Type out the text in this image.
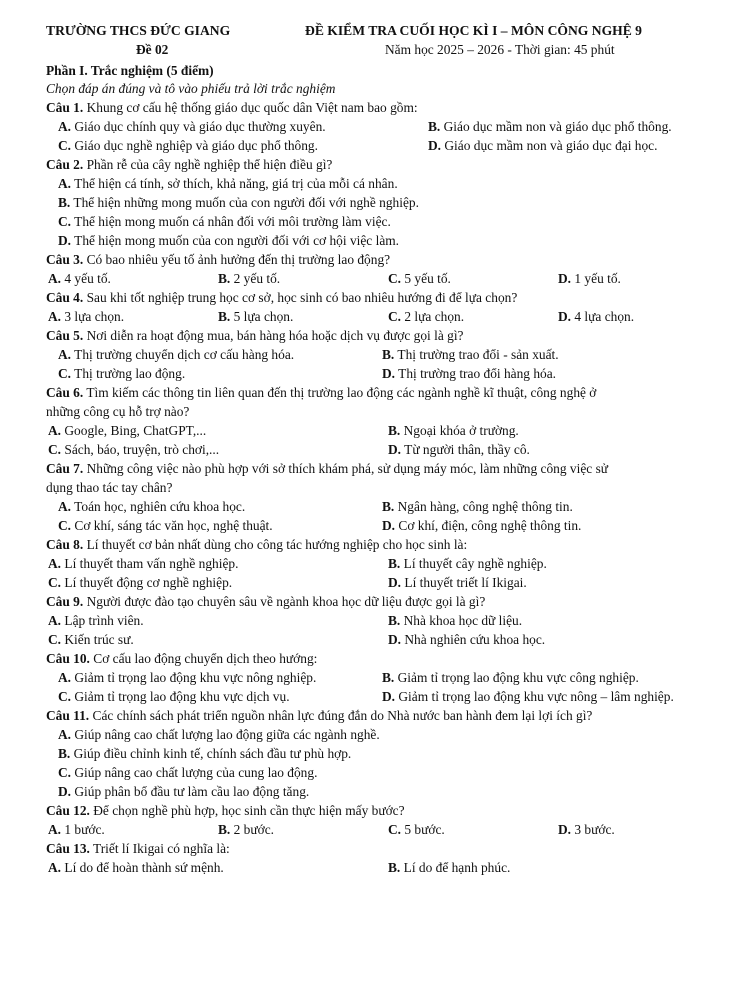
TRƯỜNG THCS ĐỨC GIANG	ĐỀ KIỂM TRA CUỐI HỌC KÌ I – MÔN CÔNG NGHỆ 9
Đề 02	Năm học 2025 – 2026 - Thời gian: 45 phút
Phần I. Trắc nghiệm (5 điểm)
Chọn đáp án đúng và tô vào phiếu trả lời trắc nghiệm
Câu 1. Khung cơ cấu hệ thống giáo dục quốc dân Việt nam bao gồm:
A. Giáo dục chính quy và giáo dục thường xuyên.	B. Giáo dục mầm non và giáo dục phổ thông.
C. Giáo dục nghề nghiệp và giáo dục phổ thông.	D. Giáo dục mầm non và giáo dục đại học.
Câu 2. Phần rễ của cây nghề nghiệp thể hiện điều gì?
A. Thể hiện cá tính, sở thích, khả năng, giá trị của mỗi cá nhân.
B. Thể hiện những mong muốn của con người đối với nghề nghiệp.
C. Thể hiện mong muốn cá nhân đối với môi trường làm việc.
D. Thể hiện mong muốn của con người đối với cơ hội việc làm.
Câu 3. Có bao nhiêu yếu tố ảnh hưởng đến thị trường lao động?
A. 4 yếu tố.	B. 2 yếu tố.	C. 5 yếu tố.	D. 1 yếu tố.
Câu 4. Sau khi tốt nghiệp trung học cơ sở, học sinh có bao nhiêu hướng đi để lựa chọn?
A. 3 lựa chọn.	B. 5 lựa chọn.	C. 2 lựa chọn.	D. 4 lựa chọn.
Câu 5. Nơi diễn ra hoạt động mua, bán hàng hóa hoặc dịch vụ được gọi là gì?
A. Thị trường chuyển dịch cơ cấu hàng hóa.	B. Thị trường trao đổi - sản xuất.
C. Thị trường lao động.	D. Thị trường trao đổi hàng hóa.
Câu 6. Tìm kiếm các thông tin liên quan đến thị trường lao động các ngành nghề kĩ thuật, công nghệ ở
những công cụ hỗ trợ nào?
A. Google, Bing, ChatGPT,...	B. Ngoại khóa ở trường.
C. Sách, báo, truyện, trò chơi,...	D. Từ người thân, thầy cô.
Câu 7. Những công việc nào phù hợp với sở thích khám phá, sử dụng máy móc, làm những công việc sử
dụng thao tác tay chân?
A. Toán học, nghiên cứu khoa học.	B. Ngân hàng, công nghệ thông tin.
C. Cơ khí, sáng tác văn học, nghệ thuật.	D. Cơ khí, điện, công nghệ thông tin.
Câu 8. Lí thuyết cơ bản nhất dùng cho công tác hướng nghiệp cho học sinh là:
A. Lí thuyết tham vấn nghề nghiệp.	B. Lí thuyết cây nghề nghiệp.
C. Lí thuyết động cơ nghề nghiệp.	D. Lí thuyết triết lí Ikigai.
Câu 9. Người được đào tạo chuyên sâu về ngành khoa học dữ liệu được gọi là gì?
A. Lập trình viên.	B. Nhà khoa học dữ liệu.
C. Kiến trúc sư.	D. Nhà nghiên cứu khoa học.
Câu 10. Cơ cấu lao động chuyển dịch theo hướng:
A. Giảm tỉ trọng lao động khu vực nông nghiệp.	B. Giảm tỉ trọng lao động khu vực công nghiệp.
C. Giảm tỉ trọng lao động khu vực dịch vụ.	D. Giảm tỉ trọng lao động khu vực nông – lâm nghiệp.
Câu 11. Các chính sách phát triển nguồn nhân lực đúng đắn do Nhà nước ban hành đem lại lợi ích gì?
A. Giúp nâng cao chất lượng lao động giữa các ngành nghề.
B. Giúp điều chỉnh kinh tế, chính sách đầu tư phù hợp.
C. Giúp nâng cao chất lượng của cung lao động.
D. Giúp phân bổ đầu tư làm cầu lao động tăng.
Câu 12. Để chọn nghề phù hợp, học sinh cần thực hiện mấy bước?
A. 1 bước.	B. 2 bước.	C. 5 bước.	D. 3 bước.
Câu 13. Triết lí Ikigai có nghĩa là:
A. Lí do để hoàn thành sứ mệnh.	B. Lí do để hạnh phúc.
